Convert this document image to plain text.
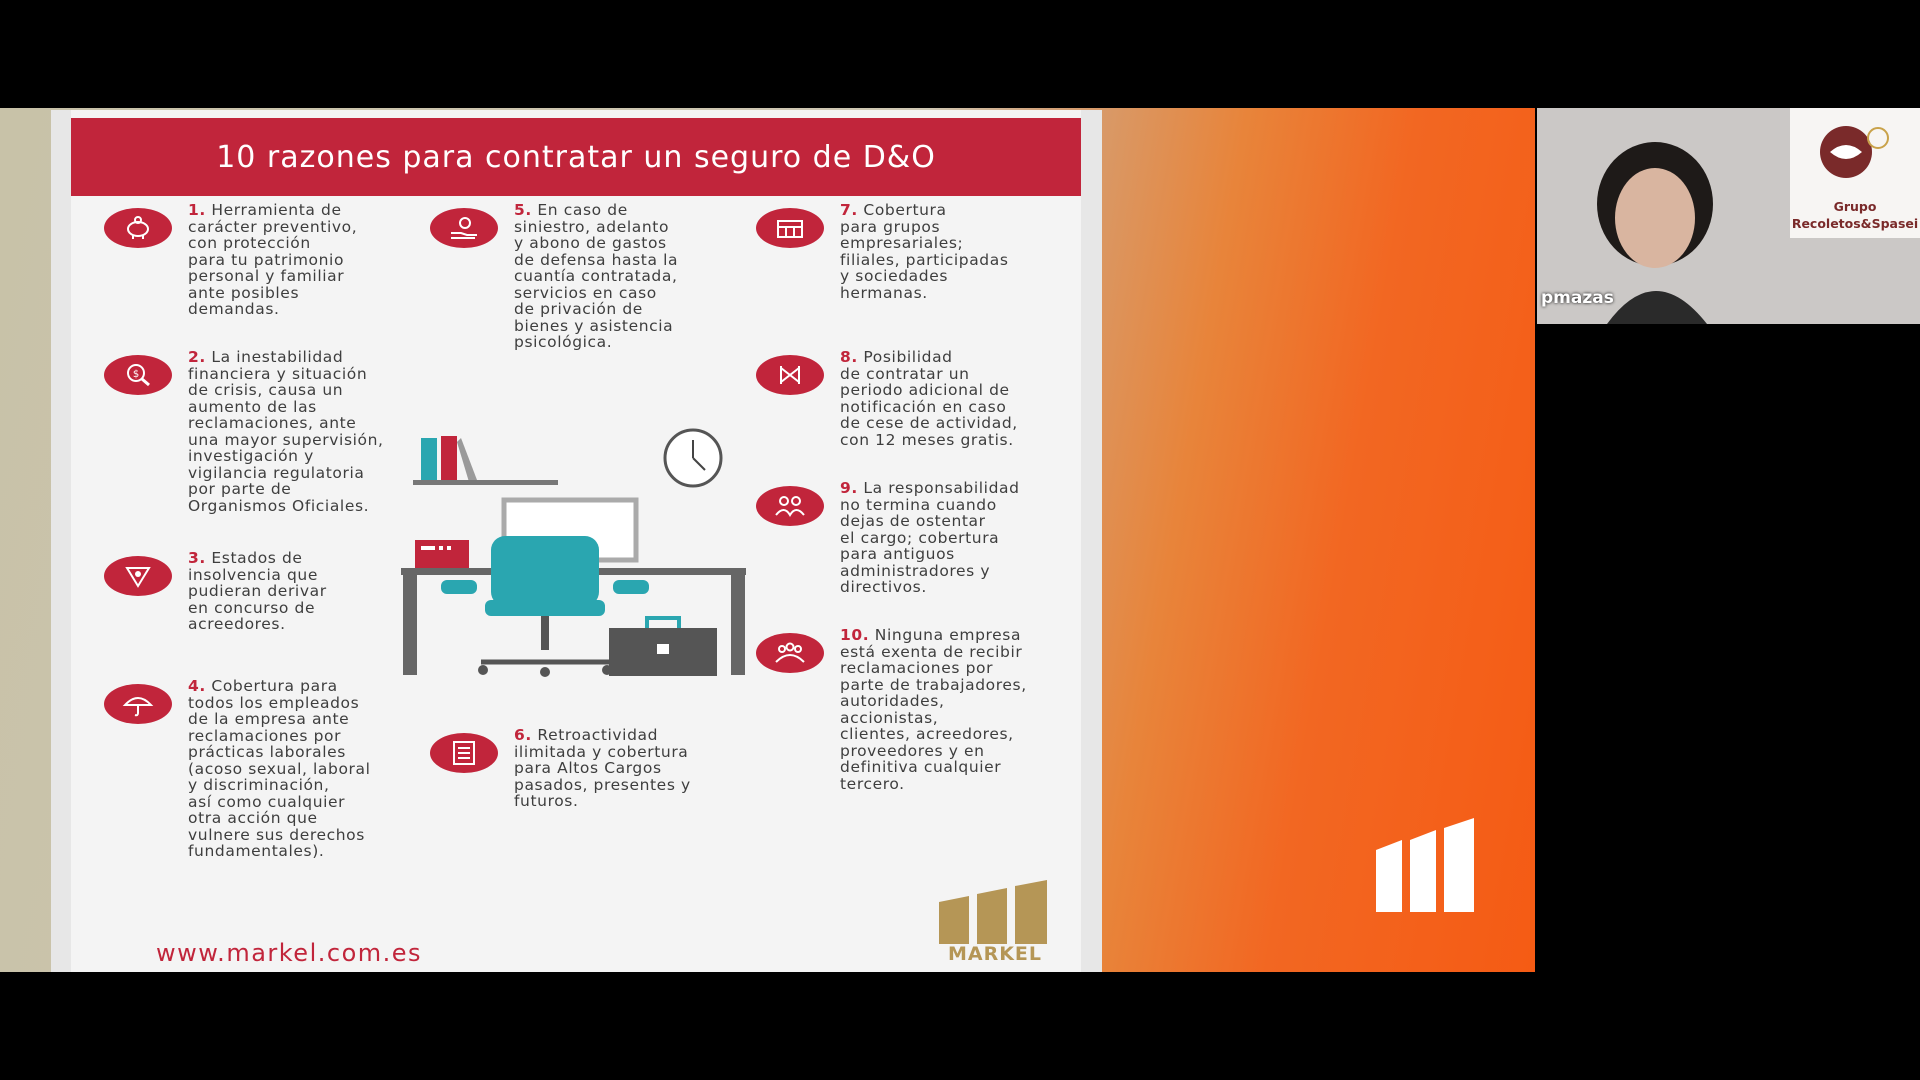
10 razones para contratar un seguro de D&O
1. Herramienta de
carácter preventivo,
con protección
para tu patrimonio
personal y familiar
ante posibles
demandas.
$
2. La inestabilidad
financiera y situación
de crisis, causa un
aumento de las
reclamaciones, ante
una mayor supervisión,
investigación y
vigilancia regulatoria
por parte de
Organismos Oficiales.
3. Estados de
insolvencia que
pudieran derivar
en concurso de
acreedores.
4. Cobertura para
todos los empleados
de la empresa ante
reclamaciones por
prácticas laborales
(acoso sexual, laboral
y discriminación,
así como cualquier
otra acción que
vulnere sus derechos
fundamentales).
5. En caso de
siniestro, adelanto
y abono de gastos
de defensa hasta la
cuantía contratada,
servicios en caso
de privación de
bienes y asistencia
psicológica.
6. Retroactividad
ilimitada y cobertura
para Altos Cargos
pasados, presentes y
futuros.
7. Cobertura
para grupos
empresariales;
filiales, participadas
y sociedades
hermanas.
8. Posibilidad
de contratar un
periodo adicional de
notificación en caso
de cese de actividad,
con 12 meses gratis.
9. La responsabilidad
no termina cuando
dejas de ostentar
el cargo; cobertura
para antiguos
administradores y
directivos.
10. Ninguna empresa
está exenta de recibir
reclamaciones por
parte de trabajadores,
autoridades,
accionistas,
clientes, acreedores,
proveedores y en
definitiva cualquier
tercero.
www.markel.com.es	MARKEL
Grupo
Recoletos&Spasei
pmazas
